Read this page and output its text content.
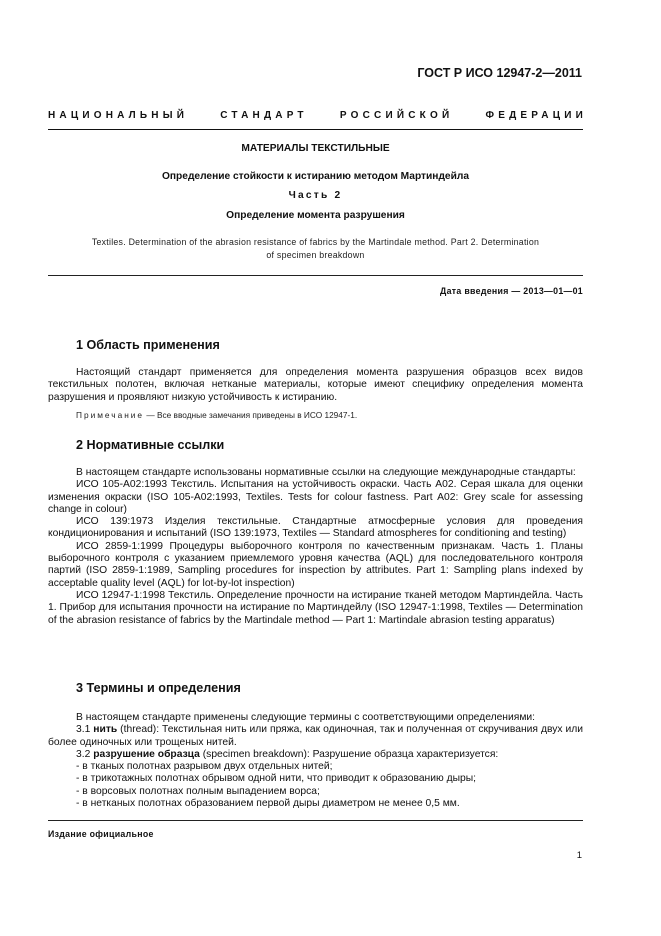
ГОСТ Р ИСО 12947-2—2011
НАЦИОНАЛЬНЫЙ	СТАНДАРТ	РОССИЙСКОЙ	ФЕДЕРАЦИИ
МАТЕРИАЛЫ ТЕКСТИЛЬНЫЕ
Определение стойкости к истиранию методом Мартиндейла
Часть 2
Определение момента разрушения
Textiles. Determination of the abrasion resistance of fabrics by the Martindale method. Part 2. Determination
of specimen breakdown
Дата введения — 2013—01—01
1 Область применения

Настоящий стандарт применяется для определения момента разрушения образцов всех видов текстильных полотен, включая нетканые материалы, которые имеют специфику определения момента разрушения и проявляют низкую устойчивость к истиранию.

Примечание — Все вводные замечания приведены в ИСО 12947-1.
2 Нормативные ссылки

В настоящем стандарте использованы нормативные ссылки на следующие международные стандарты:

ИСО 105-А02:1993 Текстиль. Испытания на устойчивость окраски. Часть А02. Серая шкала для оценки изменения окраски (ISO 105-A02:1993, Textiles. Tests for colour fastness. Part A02: Grey scale for assessing change in colour)

ИСО 139:1973 Изделия текстильные. Стандартные атмосферные условия для проведения кондиционирования и испытаний (ISO 139:1973, Textiles — Standard atmospheres for conditioning and testing)

ИСО 2859-1:1999 Процедуры выборочного контроля по качественным признакам. Часть 1. Планы выборочного контроля с указанием приемлемого уровня качества (AQL) для последовательного контроля партий (ISO 2859-1:1989, Sampling procedures for inspection by attributes. Part 1: Sampling plans indexed by acceptable quality level (AQL) for lot-by-lot inspection)

ИСО 12947-1:1998 Текстиль. Определение прочности на истирание тканей методом Мартиндейла. Часть 1. Прибор для испытания прочности на истирание по Мартиндейлу (ISO 12947-1:1998, Textiles — Determination of the abrasion resistance of fabrics by the Martindale method — Part 1: Martindale abrasion testing apparatus)

3 Термины и определения

В настоящем стандарте применены следующие термины с соответствующими определениями:

3.1 нить (thread): Текстильная нить или пряжа, как одиночная, так и полученная от скручивания двух или более одиночных или трощеных нитей.

3.2 разрушение образца (specimen breakdown): Разрушение образца характеризуется:

- в тканых полотнах разрывом двух отдельных нитей;

- в трикотажных полотнах обрывом одной нити, что приводит к образованию дыры;

- в ворсовых полотнах полным выпадением ворса;

- в нетканых полотнах образованием первой дыры диаметром не менее 0,5 мм.

Издание официальное
1
